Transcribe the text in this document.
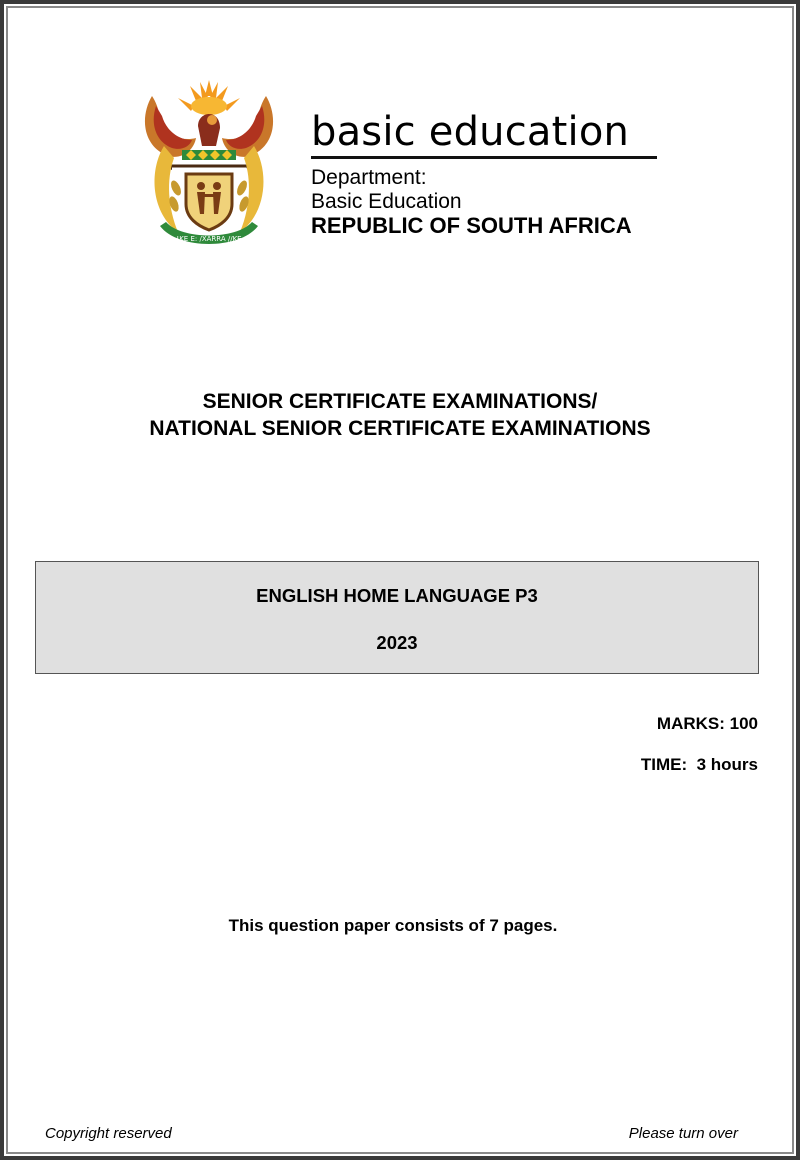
!KE E: /XARRA //KE
basic education
Department:
Basic Education
REPUBLIC OF SOUTH AFRICA
SENIOR CERTIFICATE EXAMINATIONS/
NATIONAL SENIOR CERTIFICATE EXAMINATIONS
ENGLISH HOME LANGUAGE P3
2023
MARKS: 100
TIME:  3 hours
This question paper consists of 7 pages.
Copyright reserved	Please turn over
